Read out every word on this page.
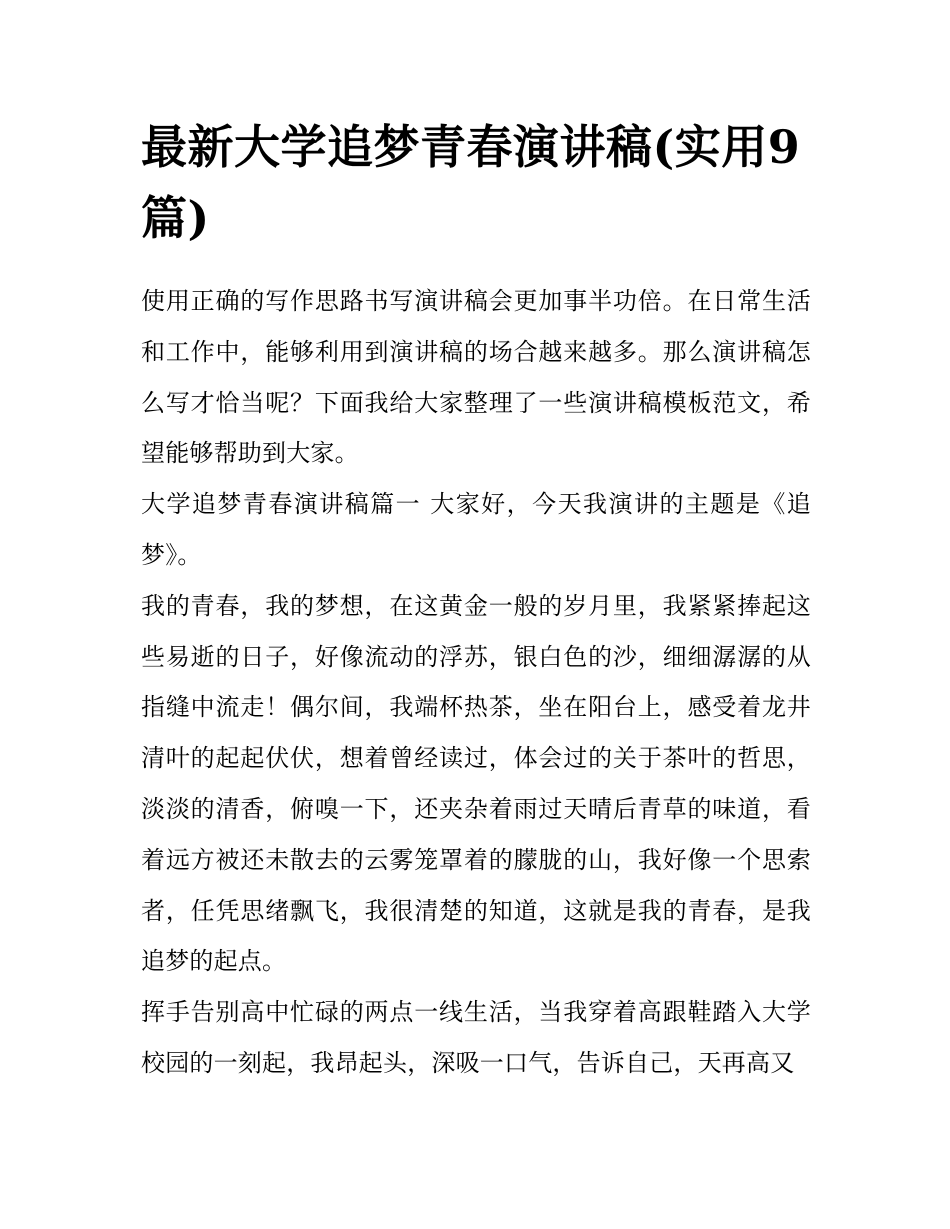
最新大学追梦青春演讲稿(实用9篇)

使用正确的写作思路书写演讲稿会更加事半功倍。在日常生活和工作中，能够利用到演讲稿的场合越来越多。那么演讲稿怎么写才恰当呢？下面我给大家整理了一些演讲稿模板范文，希望能够帮助到大家。

大学追梦青春演讲稿篇一 大家好，今天我演讲的主题是《追梦》。

我的青春，我的梦想，在这黄金一般的岁月里，我紧紧捧起这些易逝的日子，好像流动的浮苏，银白色的沙，细细潺潺的从指缝中流走！偶尔间，我端杯热茶，坐在阳台上，感受着龙井清叶的起起伏伏，想着曾经读过，体会过的关于茶叶的哲思，淡淡的清香，俯嗅一下，还夹杂着雨过天晴后青草的味道，看着远方被还未散去的云雾笼罩着的朦胧的山，我好像一个思索者，任凭思绪飘飞，我很清楚的知道，这就是我的青春，是我追梦的起点。

挥手告别高中忙碌的两点一线生活，当我穿着高跟鞋踏入大学校园的一刻起，我昂起头，深吸一口气，告诉自己，天再高又
